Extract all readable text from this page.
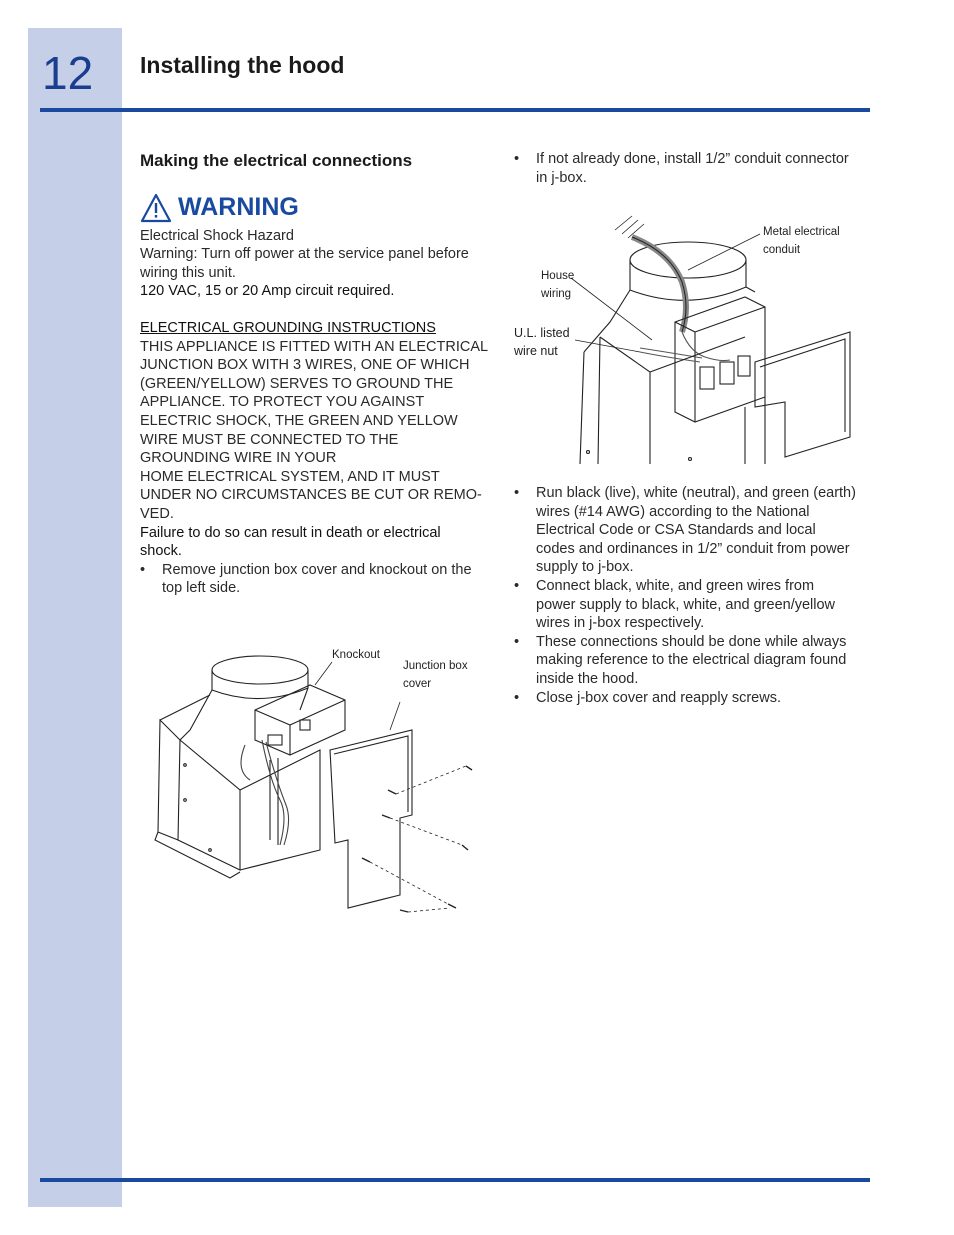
12 Installing the hood
Making the electrical connections
WARNING

Electrical Shock Hazard

Warning: Turn off power at the service panel before

wiring this unit.

120 VAC, 15 or 20 Amp circuit required.

ELECTRICAL GROUNDING INSTRUCTIONS

THIS APPLIANCE IS FITTED WITH AN ELECTRICAL

JUNCTION BOX WITH 3 WIRES, ONE OF WHICH

(GREEN/YELLOW) SERVES TO GROUND THE

APPLIANCE. TO PROTECT YOU AGAINST

ELECTRIC SHOCK, THE GREEN AND YELLOW

WIRE MUST BE CONNECTED TO THE

GROUNDING WIRE IN YOUR

HOME ELECTRICAL SYSTEM, AND IT MUST

UNDER NO CIRCUMSTANCES BE CUT OR REMO-

VED.

Failure to do so can result in death or electrical

shock.

• Remove junction box cover and knockout on the
top left side.
Knockout
Junction box
cover
• If not already done, install 1/2” conduit connector
in j-box.
Metal electrical
conduit
House
wiring
U.L. listed
wire nut
• Run black (live), white (neutral), and green (earth)
wires (#14 AWG) according to the National
Electrical Code or CSA Standards and local
codes and ordinances in 1/2” conduit from power
supply to j-box.
• Connect black, white, and green wires from
power supply to black, white, and green/yellow
wires in j-box respectively.
• These connections should be done while always
making reference to the electrical diagram found
inside the hood.
• Close j-box cover and reapply screws.
